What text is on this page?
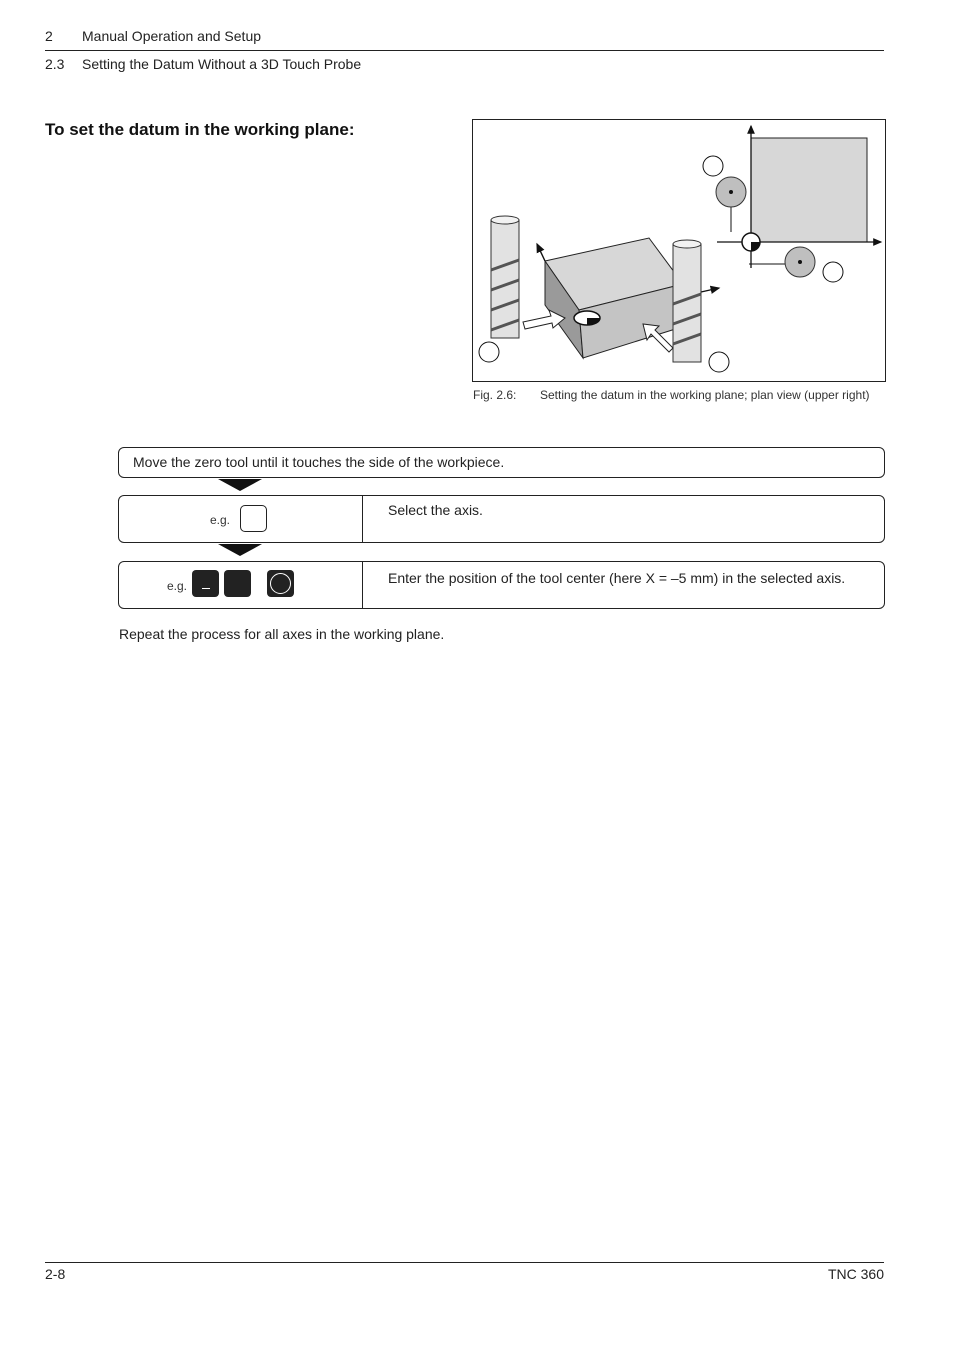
2 Manual Operation and Setup
2.3 Setting the Datum Without a 3D Touch Probe
To set the datum in the working plane:
Fig. 2.6: Setting the datum in the working plane; plan view (upper right)
Move the zero tool until it touches the side of the workpiece.
e.g.
Select the axis.
e.g.	Enter the position of the tool center (here X = –5 mm) in the selected axis.
Repeat the process for all axes in the working plane.
2-8	TNC 360
